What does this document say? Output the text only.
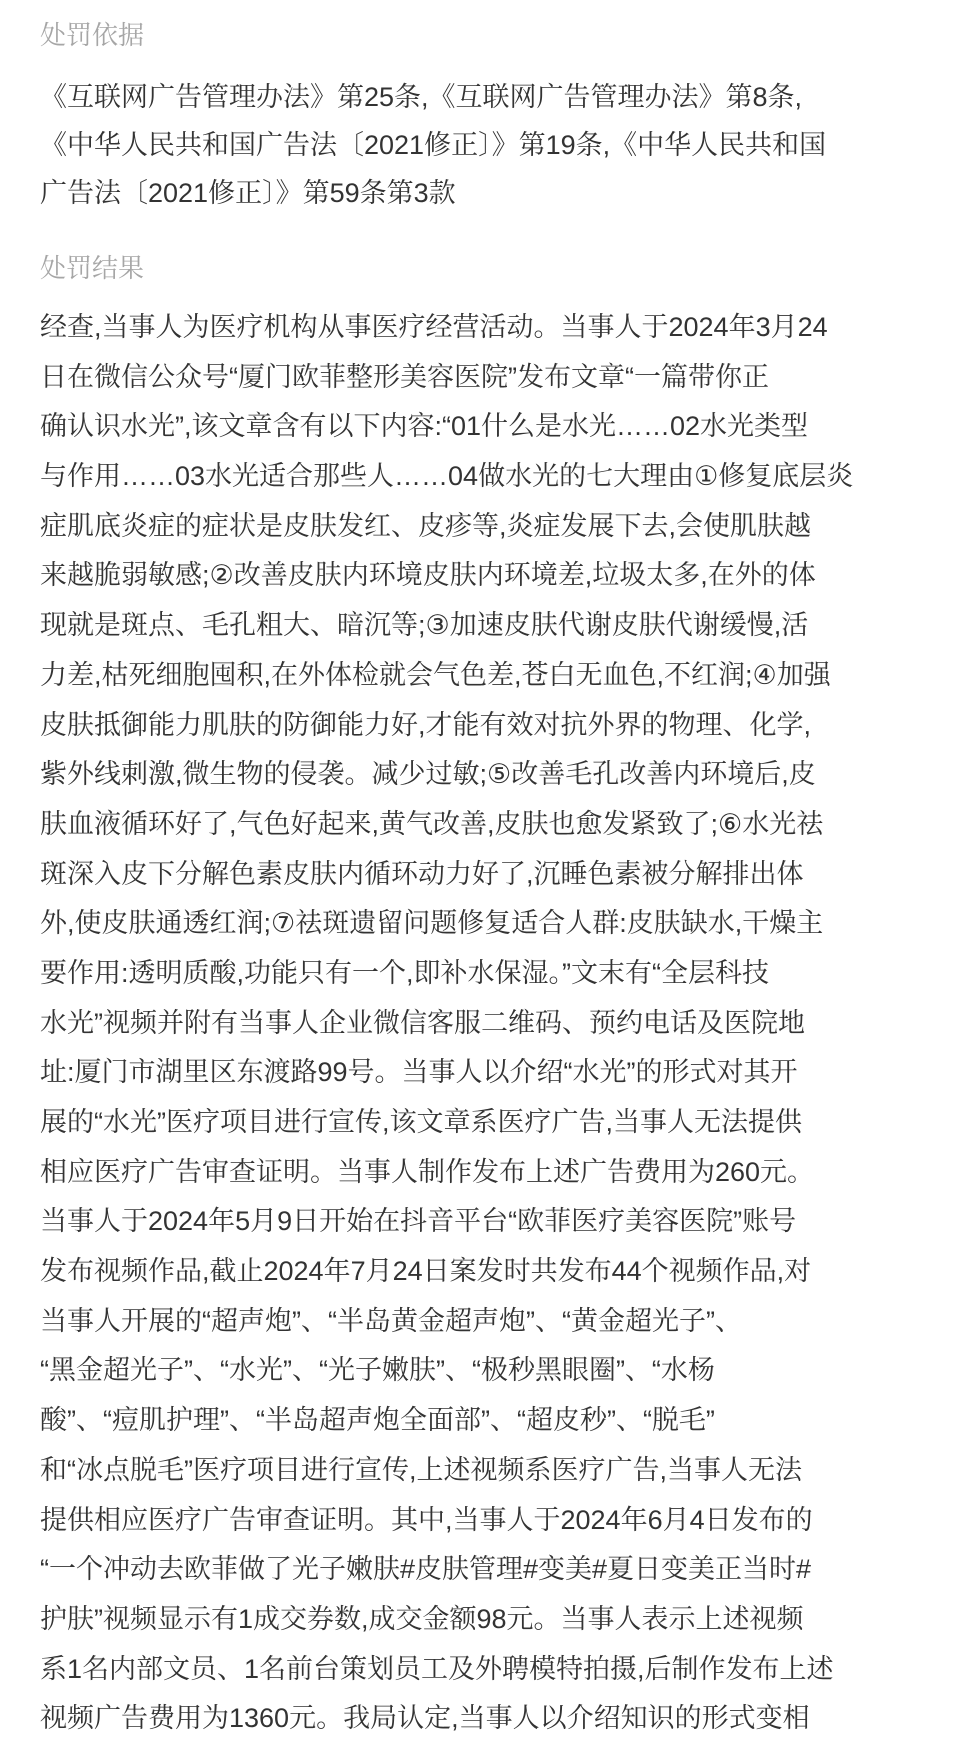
处罚依据
《互联网广告管理办法》第25条,《互联网广告管理办法》第8条,
《中华人民共和国广告法〔2021修正〕》第19条,《中华人民共和国
广告法〔2021修正〕》第59条第3款
处罚结果
经查,当事人为医疗机构从事医疗经营活动。当事人于2024年3月24
日在微信公众号“厦门欧菲整形美容医院”发布文章“一篇带你正
确认识水光”,该文章含有以下内容:“01什么是水光……02水光类型
与作用……03水光适合那些人……04做水光的七大理由①修复底层炎
症肌底炎症的症状是皮肤发红、皮疹等,炎症发展下去,会使肌肤越
来越脆弱敏感;②改善皮肤内环境皮肤内环境差,垃圾太多,在外的体
现就是斑点、毛孔粗大、暗沉等;③加速皮肤代谢皮肤代谢缓慢,活
力差,枯死细胞囤积,在外体检就会气色差,苍白无血色,不红润;④加强
皮肤抵御能力肌肤的防御能力好,才能有效对抗外界的物理、化学,
紫外线刺激,微生物的侵袭。减少过敏;⑤改善毛孔改善内环境后,皮
肤血液循环好了,气色好起来,黄气改善,皮肤也愈发紧致了;⑥水光祛
斑深入皮下分解色素皮肤内循环动力好了,沉睡色素被分解排出体
外,使皮肤通透红润;⑦祛斑遗留问题修复适合人群:皮肤缺水,干燥主
要作用:透明质酸,功能只有一个,即补水保湿。”文末有“全层科技
水光”视频并附有当事人企业微信客服二维码、预约电话及医院地
址:厦门市湖里区东渡路99号。当事人以介绍“水光”的形式对其开
展的“水光”医疗项目进行宣传,该文章系医疗广告,当事人无法提供
相应医疗广告审查证明。当事人制作发布上述广告费用为260元。
当事人于2024年5月9日开始在抖音平台“欧菲医疗美容医院”账号
发布视频作品,截止2024年7月24日案发时共发布44个视频作品,对
当事人开展的“超声炮”、“半岛黄金超声炮”、“黄金超光子”、
“黑金超光子”、“水光”、“光子嫩肤”、“极秒黑眼圈”、“水杨
酸”、“痘肌护理”、“半岛超声炮全面部”、“超皮秒”、“脱毛”
和“冰点脱毛”医疗项目进行宣传,上述视频系医疗广告,当事人无法
提供相应医疗广告审查证明。其中,当事人于2024年6月4日发布的
“一个冲动去欧菲做了光子嫩肤#皮肤管理#变美#夏日变美正当时#
护肤”视频显示有1成交券数,成交金额98元。当事人表示上述视频
系1名内部文员、1名前台策划员工及外聘模特拍摄,后制作发布上述
视频广告费用为1360元。我局认定,当事人以介绍知识的形式变相
